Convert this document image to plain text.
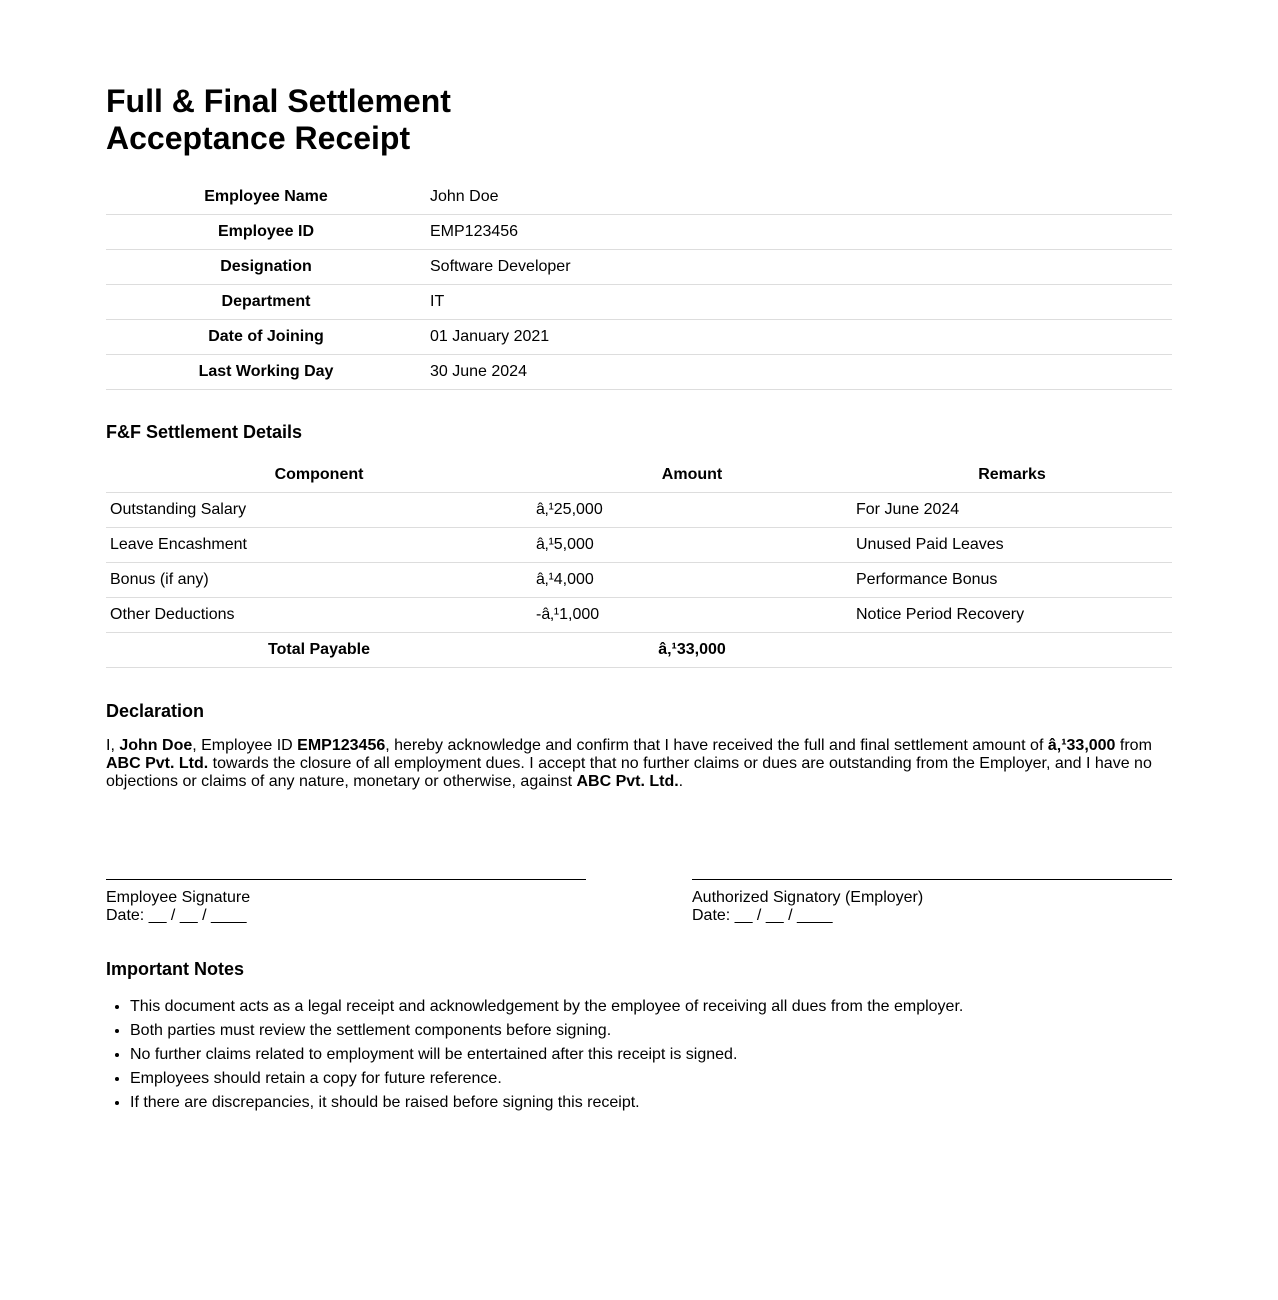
Full & Final Settlement
Acceptance Receipt
Employee Name	John Doe
Employee ID	EMP123456
Designation	Software Developer
Department	IT
Date of Joining	01 January 2021
Last Working Day	30 June 2024
F&F Settlement Details
Component	Amount	Remarks
Outstanding Salary	â‚¹25,000	For June 2024
Leave Encashment	â‚¹5,000	Unused Paid Leaves
Bonus (if any)	â‚¹4,000	Performance Bonus
Other Deductions	-â‚¹1,000	Notice Period Recovery
Total Payable	â‚¹33,000	
Declaration

I, John Doe, Employee ID EMP123456, hereby acknowledge and confirm that I have received the full and final settlement amount of â‚¹33,000 from ABC Pvt. Ltd. towards the closure of all employment dues. I accept that no further claims or dues are outstanding from the Employer, and I have no objections or claims of any nature, monetary or otherwise, against ABC Pvt. Ltd..

Employee Signature
Date: __ / __ / ____
Authorized Signatory (Employer)
Date: __ / __ / ____
Important Notes
• This document acts as a legal receipt and acknowledgement by the employee of receiving all dues from the employer.
• Both parties must review the settlement components before signing.
• No further claims related to employment will be entertained after this receipt is signed.
• Employees should retain a copy for future reference.
• If there are discrepancies, it should be raised before signing this receipt.
